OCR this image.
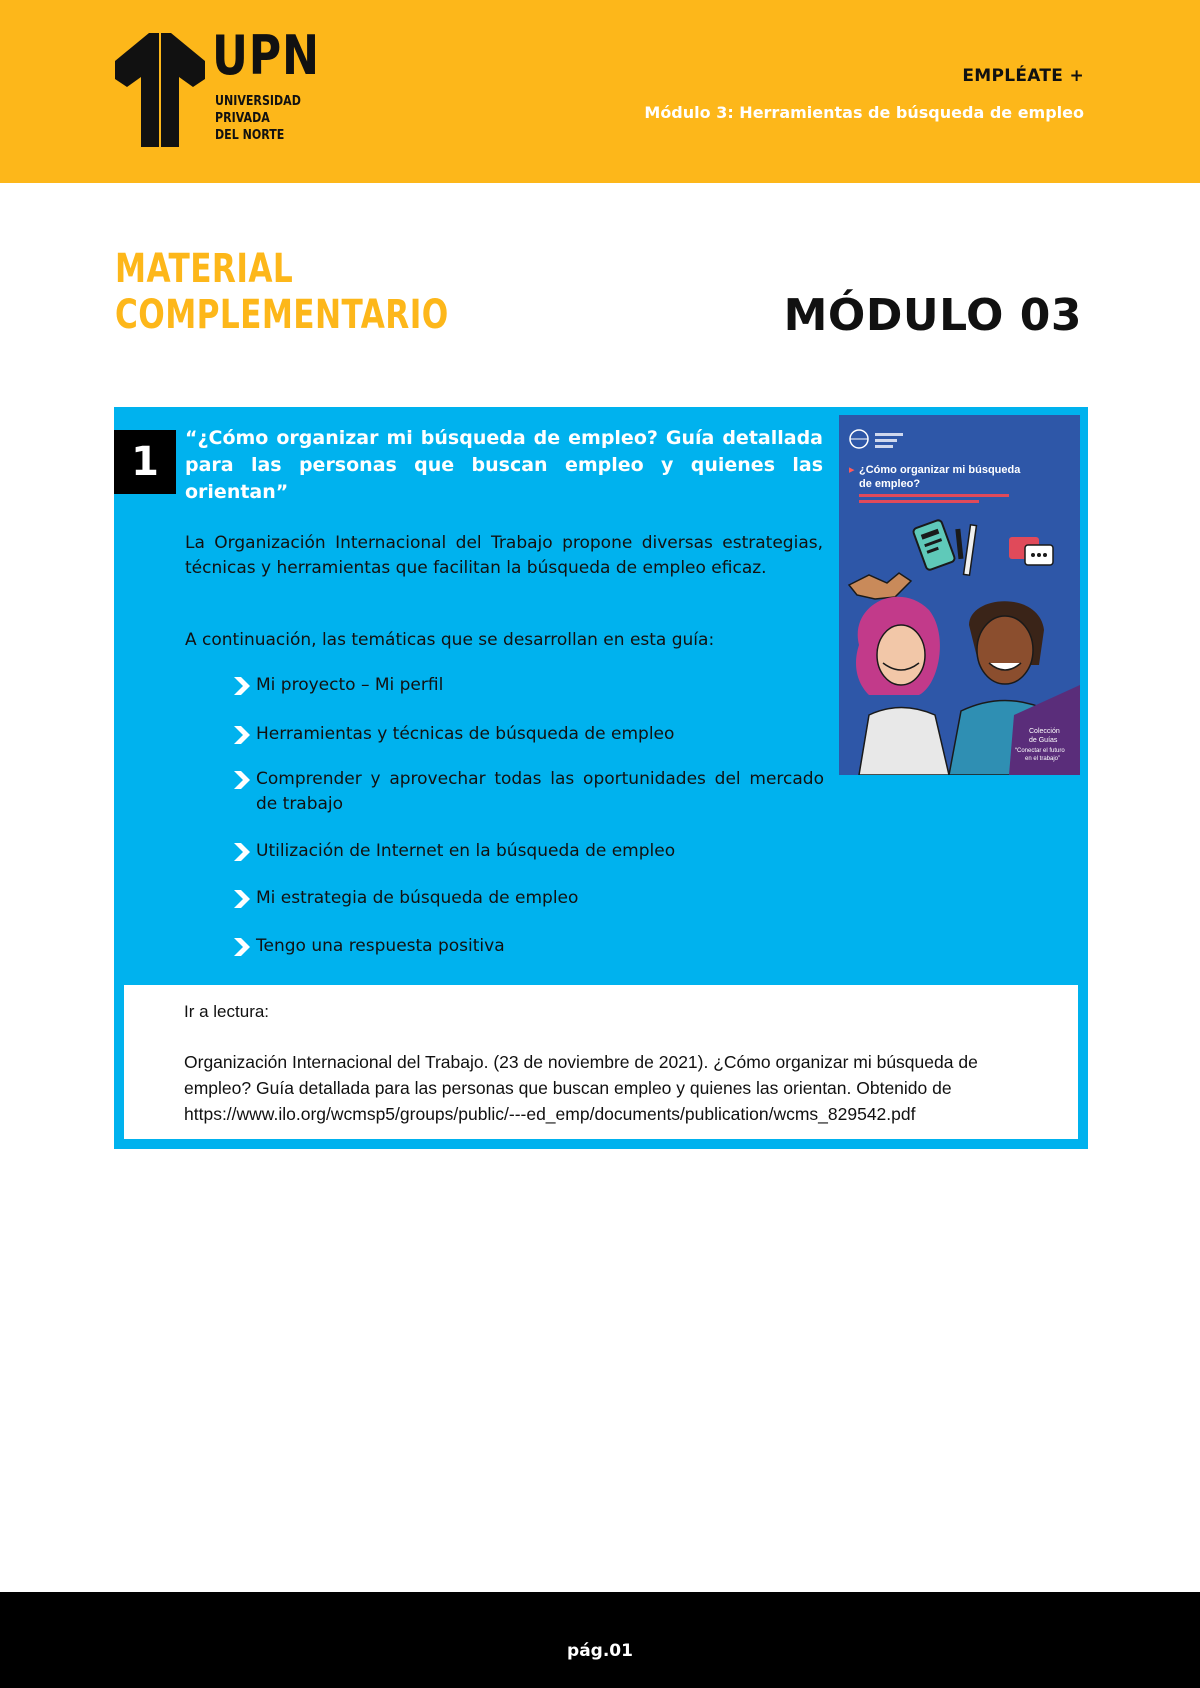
UPN
UNIVERSIDAD
PRIVADA
DEL NORTE
EMPLÉATE +
Módulo 3: Herramientas de búsqueda de empleo
MATERIAL
COMPLEMENTARIO	MÓDULO 03
1
“¿Cómo organizar mi búsqueda de empleo? Guía detallada para las personas que buscan empleo y quienes las orientan”
La Organización Internacional del Trabajo propone diversas estrategias, técnicas y herramientas que facilitan la búsqueda de empleo eficaz.
A continuación, las temáticas que se desarrollan en esta guía:
Mi proyecto – Mi perfil
Herramientas y técnicas de búsqueda de empleo
Comprender y aprovechar todas las oportunidades del mercado de trabajo
Utilización de Internet en la búsqueda de empleo
Mi estrategia de búsqueda de empleo
Tengo una respuesta positiva
▸ ¿Cómo organizar mi búsqueda
de empleo?
Colección
de Guías
“Conectar el futuro
en el trabajo”
Ir a lectura:
Organización Internacional del Trabajo. (23 de noviembre de 2021). ¿Cómo organizar mi búsqueda de empleo? Guía detallada para las personas que buscan empleo y quienes las orientan. Obtenido de https://www.ilo.org/wcmsp5/groups/public/---ed_emp/documents/publication/wcms_829542.pdf
pág.01
